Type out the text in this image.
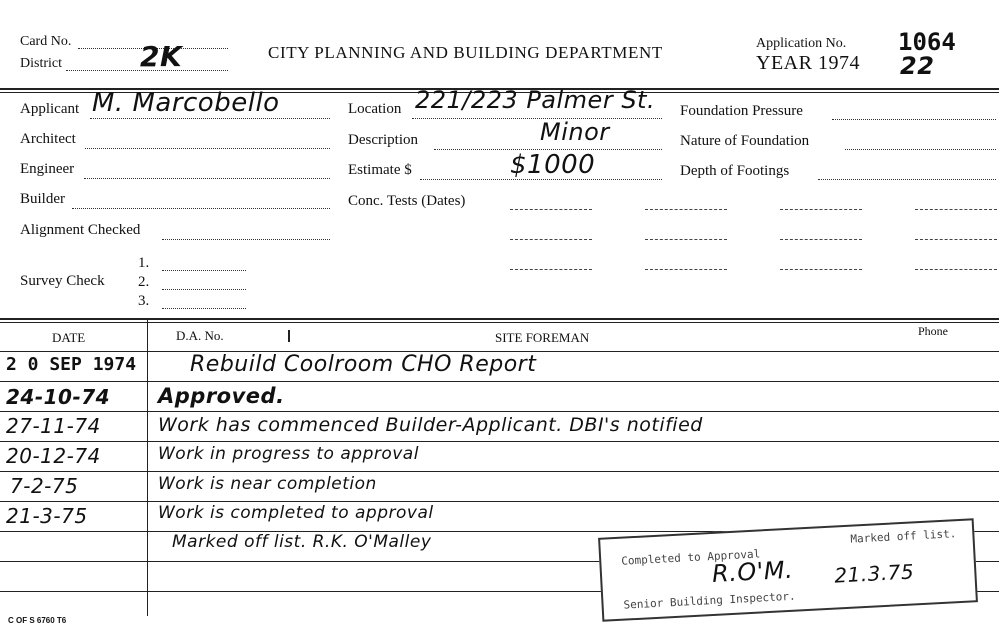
Card No.
District	2K	CITY PLANNING AND BUILDING DEPARTMENT	Application No.
YEAR 1974
1064
22
Applicant M. Marcobello
Architect
Engineer
Builder
Alignment Checked
Survey Check
1.
2.
3.
Location 221/223 Palmer St.
Description	Minor
Estimate $	$1000
Conc. Tests (Dates)
Foundation Pressure
Nature of Foundation
Depth of Footings
DATE	D.A. No.	SITE FOREMAN	Phone
2 0 SEP 1974 Rebuild Coolroom CHO Report
24-10-74 Approved.
27-11-74	Work has commenced Builder-Applicant. DBI's notified
20-12-74	Work in progress to approval
7-2-75	Work is near completion
21-3-75	Work is completed to approval
Marked off list. R.K. O'Malley
Completed to Approval
Marked off list.
Senior Building Inspector.
R.O'M. 21.3.75
C OF S 6760 T6
